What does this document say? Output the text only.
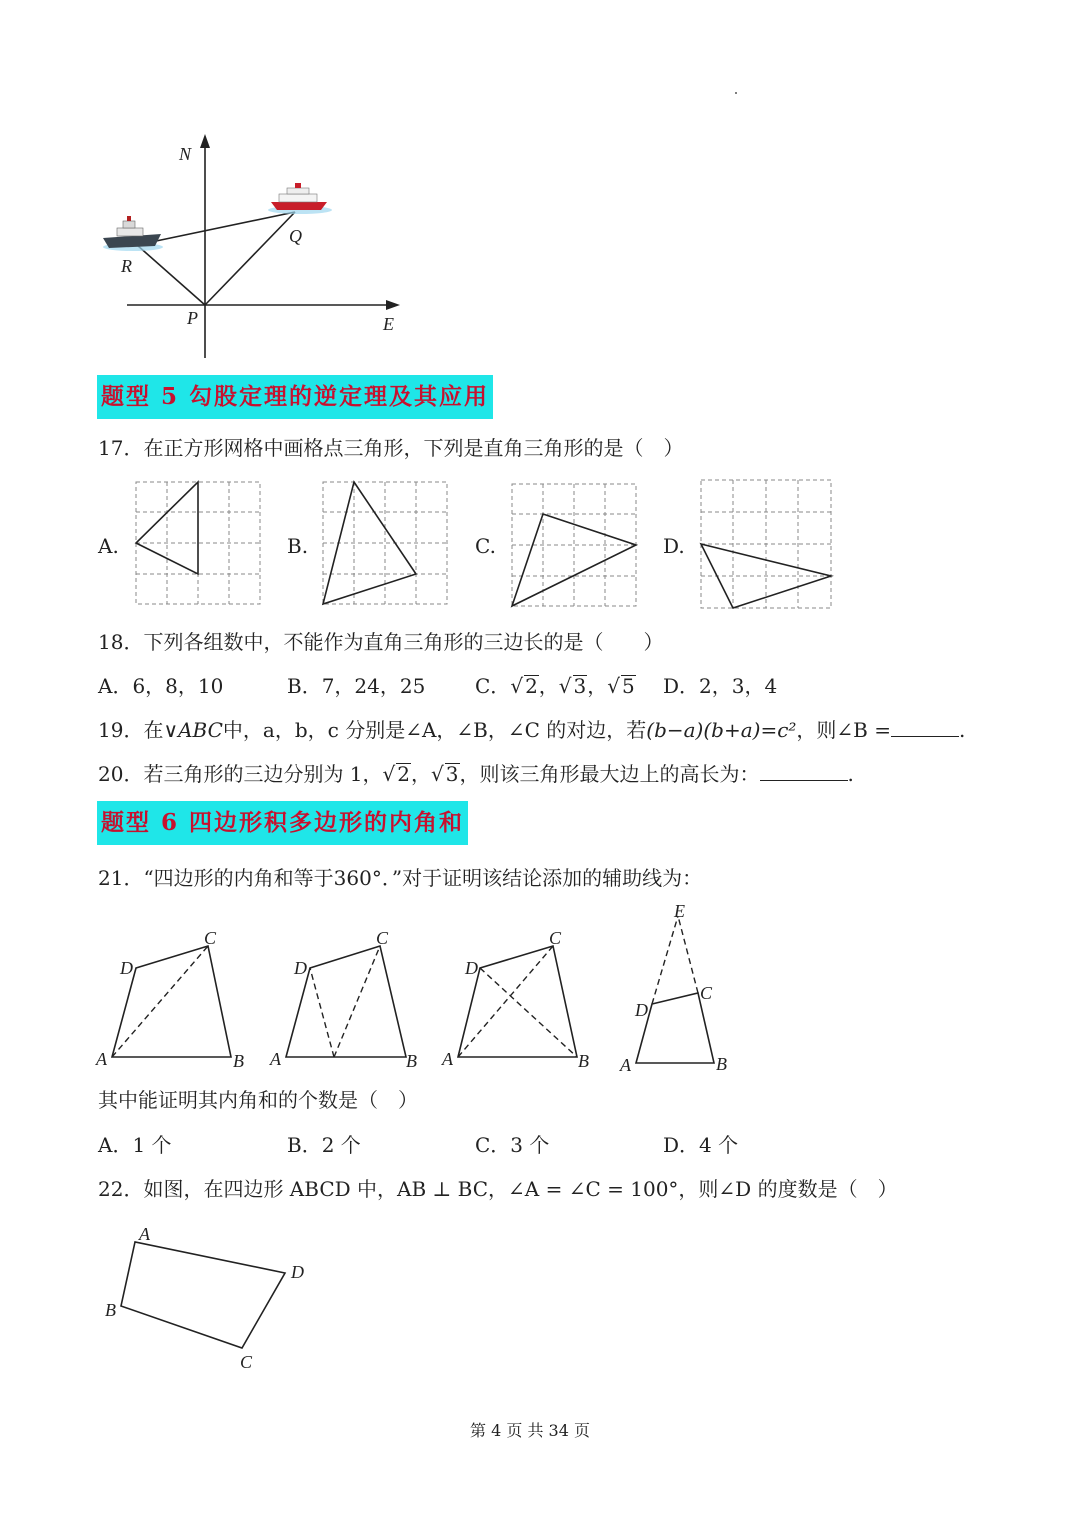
N
Q
R
P	E
题型 5 勾股定理的逆定理及其应用
17．在正方形网格中画格点三角形，下列是直角三角形的是（　）
A.	B.	C.	D.
18．下列各组数中，不能作为直角三角形的三边长的是（　　）
A．6，8，10	B．7，24，25 C．√ 2，√ 3，√ 5 D．2，3，4
19．在∨ABC中，a，b，c 分别是∠A，∠B，∠C 的对边，若(b−a)(b+a)=c²，则∠B =	.
20．若三角形的三边分别为 1，√ 2，√ 3，则该三角形最大边上的高长为：	.
题型 6 四边形积多边形的内角和
21．“四边形的内角和等于360°．”对于证明该结论添加的辅助线为：
A	B
C
D
A	B
C
D
A	B
C
D
A	B
C
D
E
其中能证明其内角和的个数是（　）
A．1 个	B．2 个	C．3 个	D．4 个
22．如图，在四边形 ABCD 中，AB ⊥ BC，∠A = ∠C = 100°，则∠D 的度数是（　）
A
B
C
D
第 4 页 共 34 页
